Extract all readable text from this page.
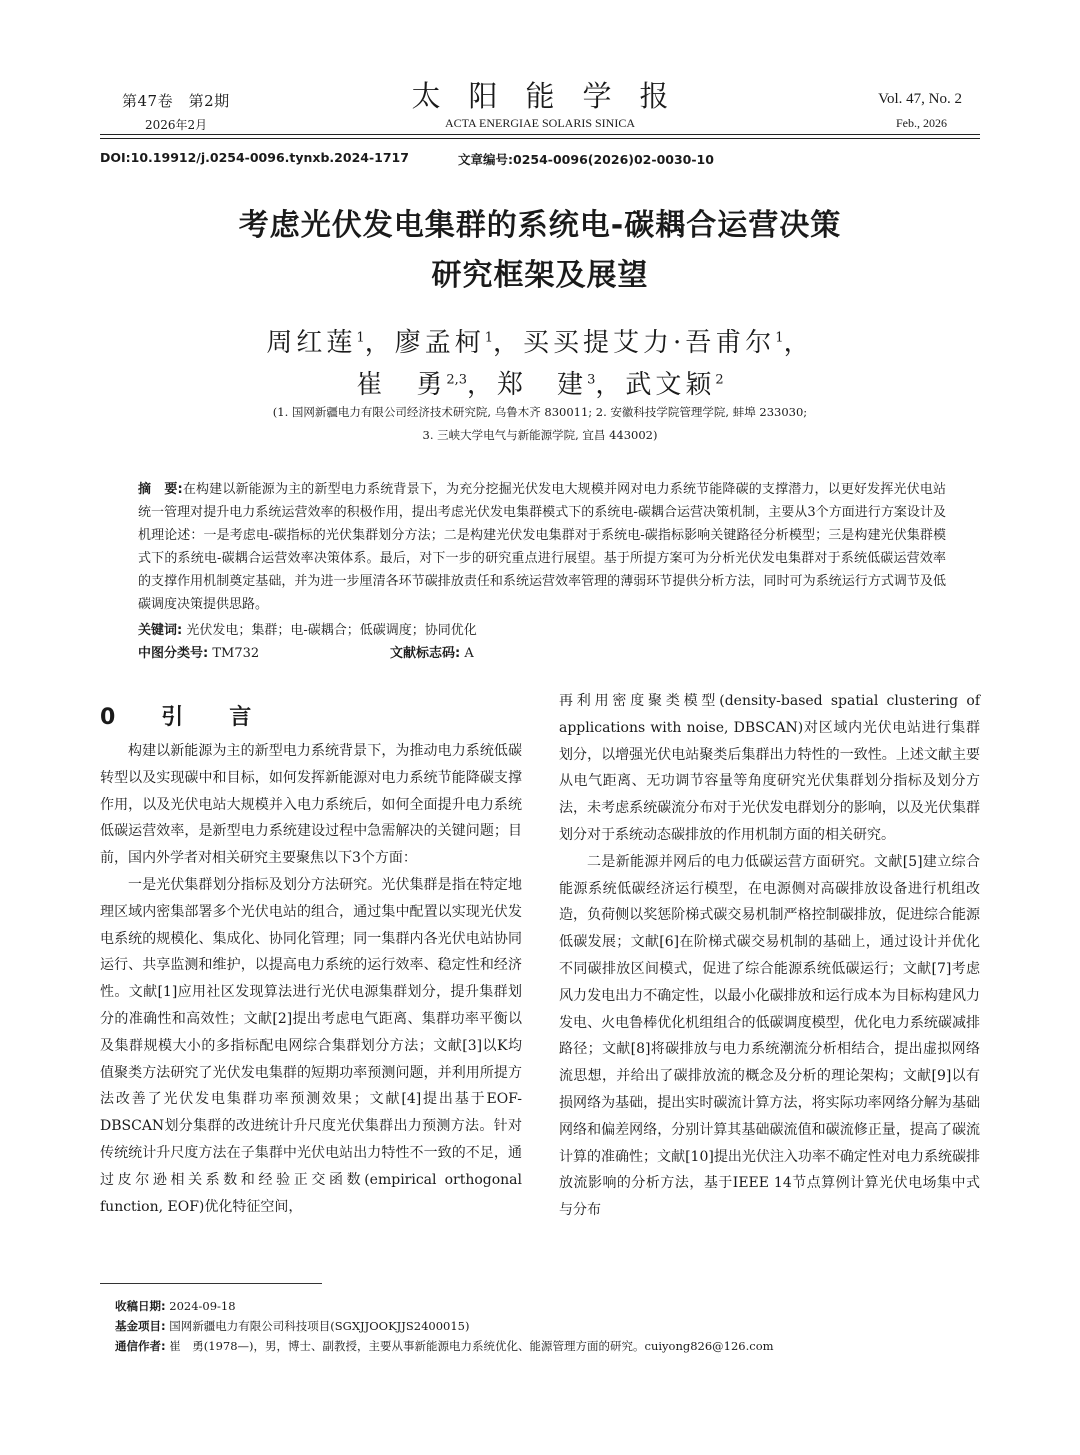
第47卷　第2期
2026年2月
太阳能学报
ACTA ENERGIAE SOLARIS SINICA
Vol. 47, No. 2
Feb., 2026
DOI:10.19912/j.0254-0096.tynxb.2024-1717	文章编号:0254-0096(2026)02-0030-10
考虑光伏发电集群的系统电-碳耦合运营决策
研究框架及展望
周红莲$^1$，廖孟柯$^1$，买买提艾力·吾甫尔$^1$，
崔　勇$^{2,3}$，郑　建$^3$，武文颖$^2$
(1. 国网新疆电力有限公司经济技术研究院, 乌鲁木齐 830011; 2. 安徽科技学院管理学院, 蚌埠 233030;
3. 三峡大学电气与新能源学院, 宜昌 443002)
摘　要:在构建以新能源为主的新型电力系统背景下，为充分挖掘光伏发电大规模并网对电力系统节能降碳的支撑潜力，以更好发挥光伏电站统一管理对提升电力系统运营效率的积极作用，提出考虑光伏发电集群模式下的系统电-碳耦合运营决策机制，主要从3个方面进行方案设计及机理论述：一是考虑电-碳指标的光伏集群划分方法；二是构建光伏发电集群对于系统电-碳指标影响关键路径分析模型；三是构建光伏集群模式下的系统电-碳耦合运营效率决策体系。最后，对下一步的研究重点进行展望。基于所提方案可为分析光伏发电集群对于系统低碳运营效率的支撑作用机制奠定基础，并为进一步厘清各环节碳排放责任和系统运营效率管理的薄弱环节提供分析方法，同时可为系统运行方式调节及低碳调度决策提供思路。
关键词: 光伏发电；集群；电-碳耦合；低碳调度；协同优化
中图分类号: TM732	文献标志码: A
0　引　言

构建以新能源为主的新型电力系统背景下，为推动电力系统低碳转型以及实现碳中和目标，如何发挥新能源对电力系统节能降碳支撑作用，以及光伏电站大规模并入电力系统后，如何全面提升电力系统低碳运营效率，是新型电力系统建设过程中急需解决的关键问题；目前，国内外学者对相关研究主要聚焦以下3个方面：

一是光伏集群划分指标及划分方法研究。光伏集群是指在特定地理区域内密集部署多个光伏电站的组合，通过集中配置以实现光伏发电系统的规模化、集成化、协同化管理；同一集群内各光伏电站协同运行、共享监测和维护，以提高电力系统的运行效率、稳定性和经济性。文献[1]应用社区发现算法进行光伏电源集群划分，提升集群划分的准确性和高效性；文献[2]提出考虑电气距离、集群功率平衡以及集群规模大小的多指标配电网综合集群划分方法；文献[3]以K均值聚类方法研究了光伏发电集群的短期功率预测问题，并利用所提方法改善了光伏发电集群功率预测效果；文献[4]提出基于EOF-DBSCAN划分集群的改进统计升尺度光伏集群出力预测方法。针对传统统计升尺度方法在子集群中光伏电站出力特性不一致的不足，通过皮尔逊相关系数和经验正交函数(empirical orthogonal function, EOF)优化特征空间，

再利用密度聚类模型(density-based spatial clustering of applications with noise, DBSCAN)对区域内光伏电站进行集群划分，以增强光伏电站聚类后集群出力特性的一致性。上述文献主要从电气距离、无功调节容量等角度研究光伏集群划分指标及划分方法，未考虑系统碳流分布对于光伏发电群划分的影响，以及光伏集群划分对于系统动态碳排放的作用机制方面的相关研究。

二是新能源并网后的电力低碳运营方面研究。文献[5]建立综合能源系统低碳经济运行模型，在电源侧对高碳排放设备进行机组改造，负荷侧以奖惩阶梯式碳交易机制严格控制碳排放，促进综合能源低碳发展；文献[6]在阶梯式碳交易机制的基础上，通过设计并优化不同碳排放区间模式，促进了综合能源系统低碳运行；文献[7]考虑风力发电出力不确定性，以最小化碳排放和运行成本为目标构建风力发电、火电鲁棒优化机组组合的低碳调度模型，优化电力系统碳减排路径；文献[8]将碳排放与电力系统潮流分析相结合，提出虚拟网络流思想，并给出了碳排放流的概念及分析的理论架构；文献[9]以有损网络为基础，提出实时碳流计算方法，将实际功率网络分解为基础网络和偏差网络，分别计算其基础碳流值和碳流修正量，提高了碳流计算的准确性；文献[10]提出光伏注入功率不确定性对电力系统碳排放流影响的分析方法，基于IEEE 14节点算例计算光伏电场集中式与分布

收稿日期: 2024-09-18
基金项目: 国网新疆电力有限公司科技项目(SGXJJOOKJJS2400015)
通信作者: 崔　勇(1978—)，男，博士、副教授，主要从事新能源电力系统优化、能源管理方面的研究。cuiyong826@126.com
